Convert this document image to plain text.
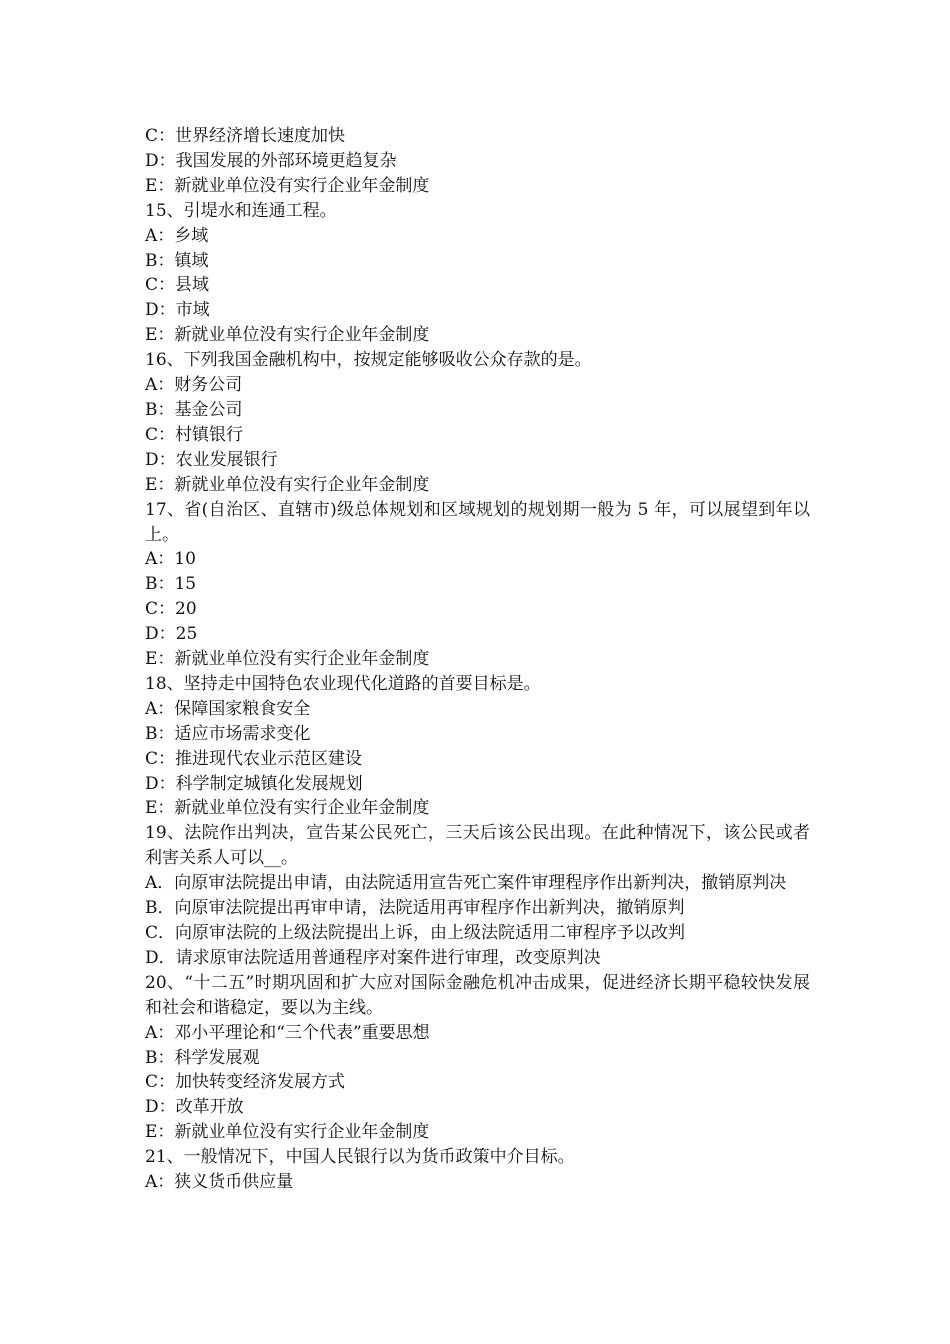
C：世界经济增长速度加快

D：我国发展的外部环境更趋复杂

E：新就业单位没有实行企业年金制度

15、引堤水和连通工程。

A：乡域

B：镇域

C：县域

D：市域

E：新就业单位没有实行企业年金制度

16、下列我国金融机构中，按规定能够吸收公众存款的是。

A：财务公司

B：基金公司

C：村镇银行

D：农业发展银行

E：新就业单位没有实行企业年金制度

17、省(自治区、直辖市)级总体规划和区域规划的规划期一般为 5 年，可以展望到年以上。

A：10

B：15

C：20

D：25

E：新就业单位没有实行企业年金制度

18、坚持走中国特色农业现代化道路的首要目标是。

A：保障国家粮食安全

B：适应市场需求变化

C：推进现代农业示范区建设

D：科学制定城镇化发展规划

E：新就业单位没有实行企业年金制度

19、法院作出判决，宣告某公民死亡，三天后该公民出现。在此种情况下，该公民或者利害关系人可以__。

A．向原审法院提出申请，由法院适用宣告死亡案件审理程序作出新判决，撤销原判决

B．向原审法院提出再审申请，法院适用再审程序作出新判决，撤销原判

C．向原审法院的上级法院提出上诉，由上级法院适用二审程序予以改判

D．请求原审法院适用普通程序对案件进行审理，改变原判决

20、“十二五”时期巩固和扩大应对国际金融危机冲击成果，促进经济长期平稳较快发展和社会和谐稳定，要以为主线。

A：邓小平理论和“三个代表”重要思想

B：科学发展观

C：加快转变经济发展方式

D：改革开放

E：新就业单位没有实行企业年金制度

21、一般情况下，中国人民银行以为货币政策中介目标。

A：狭义货币供应量
